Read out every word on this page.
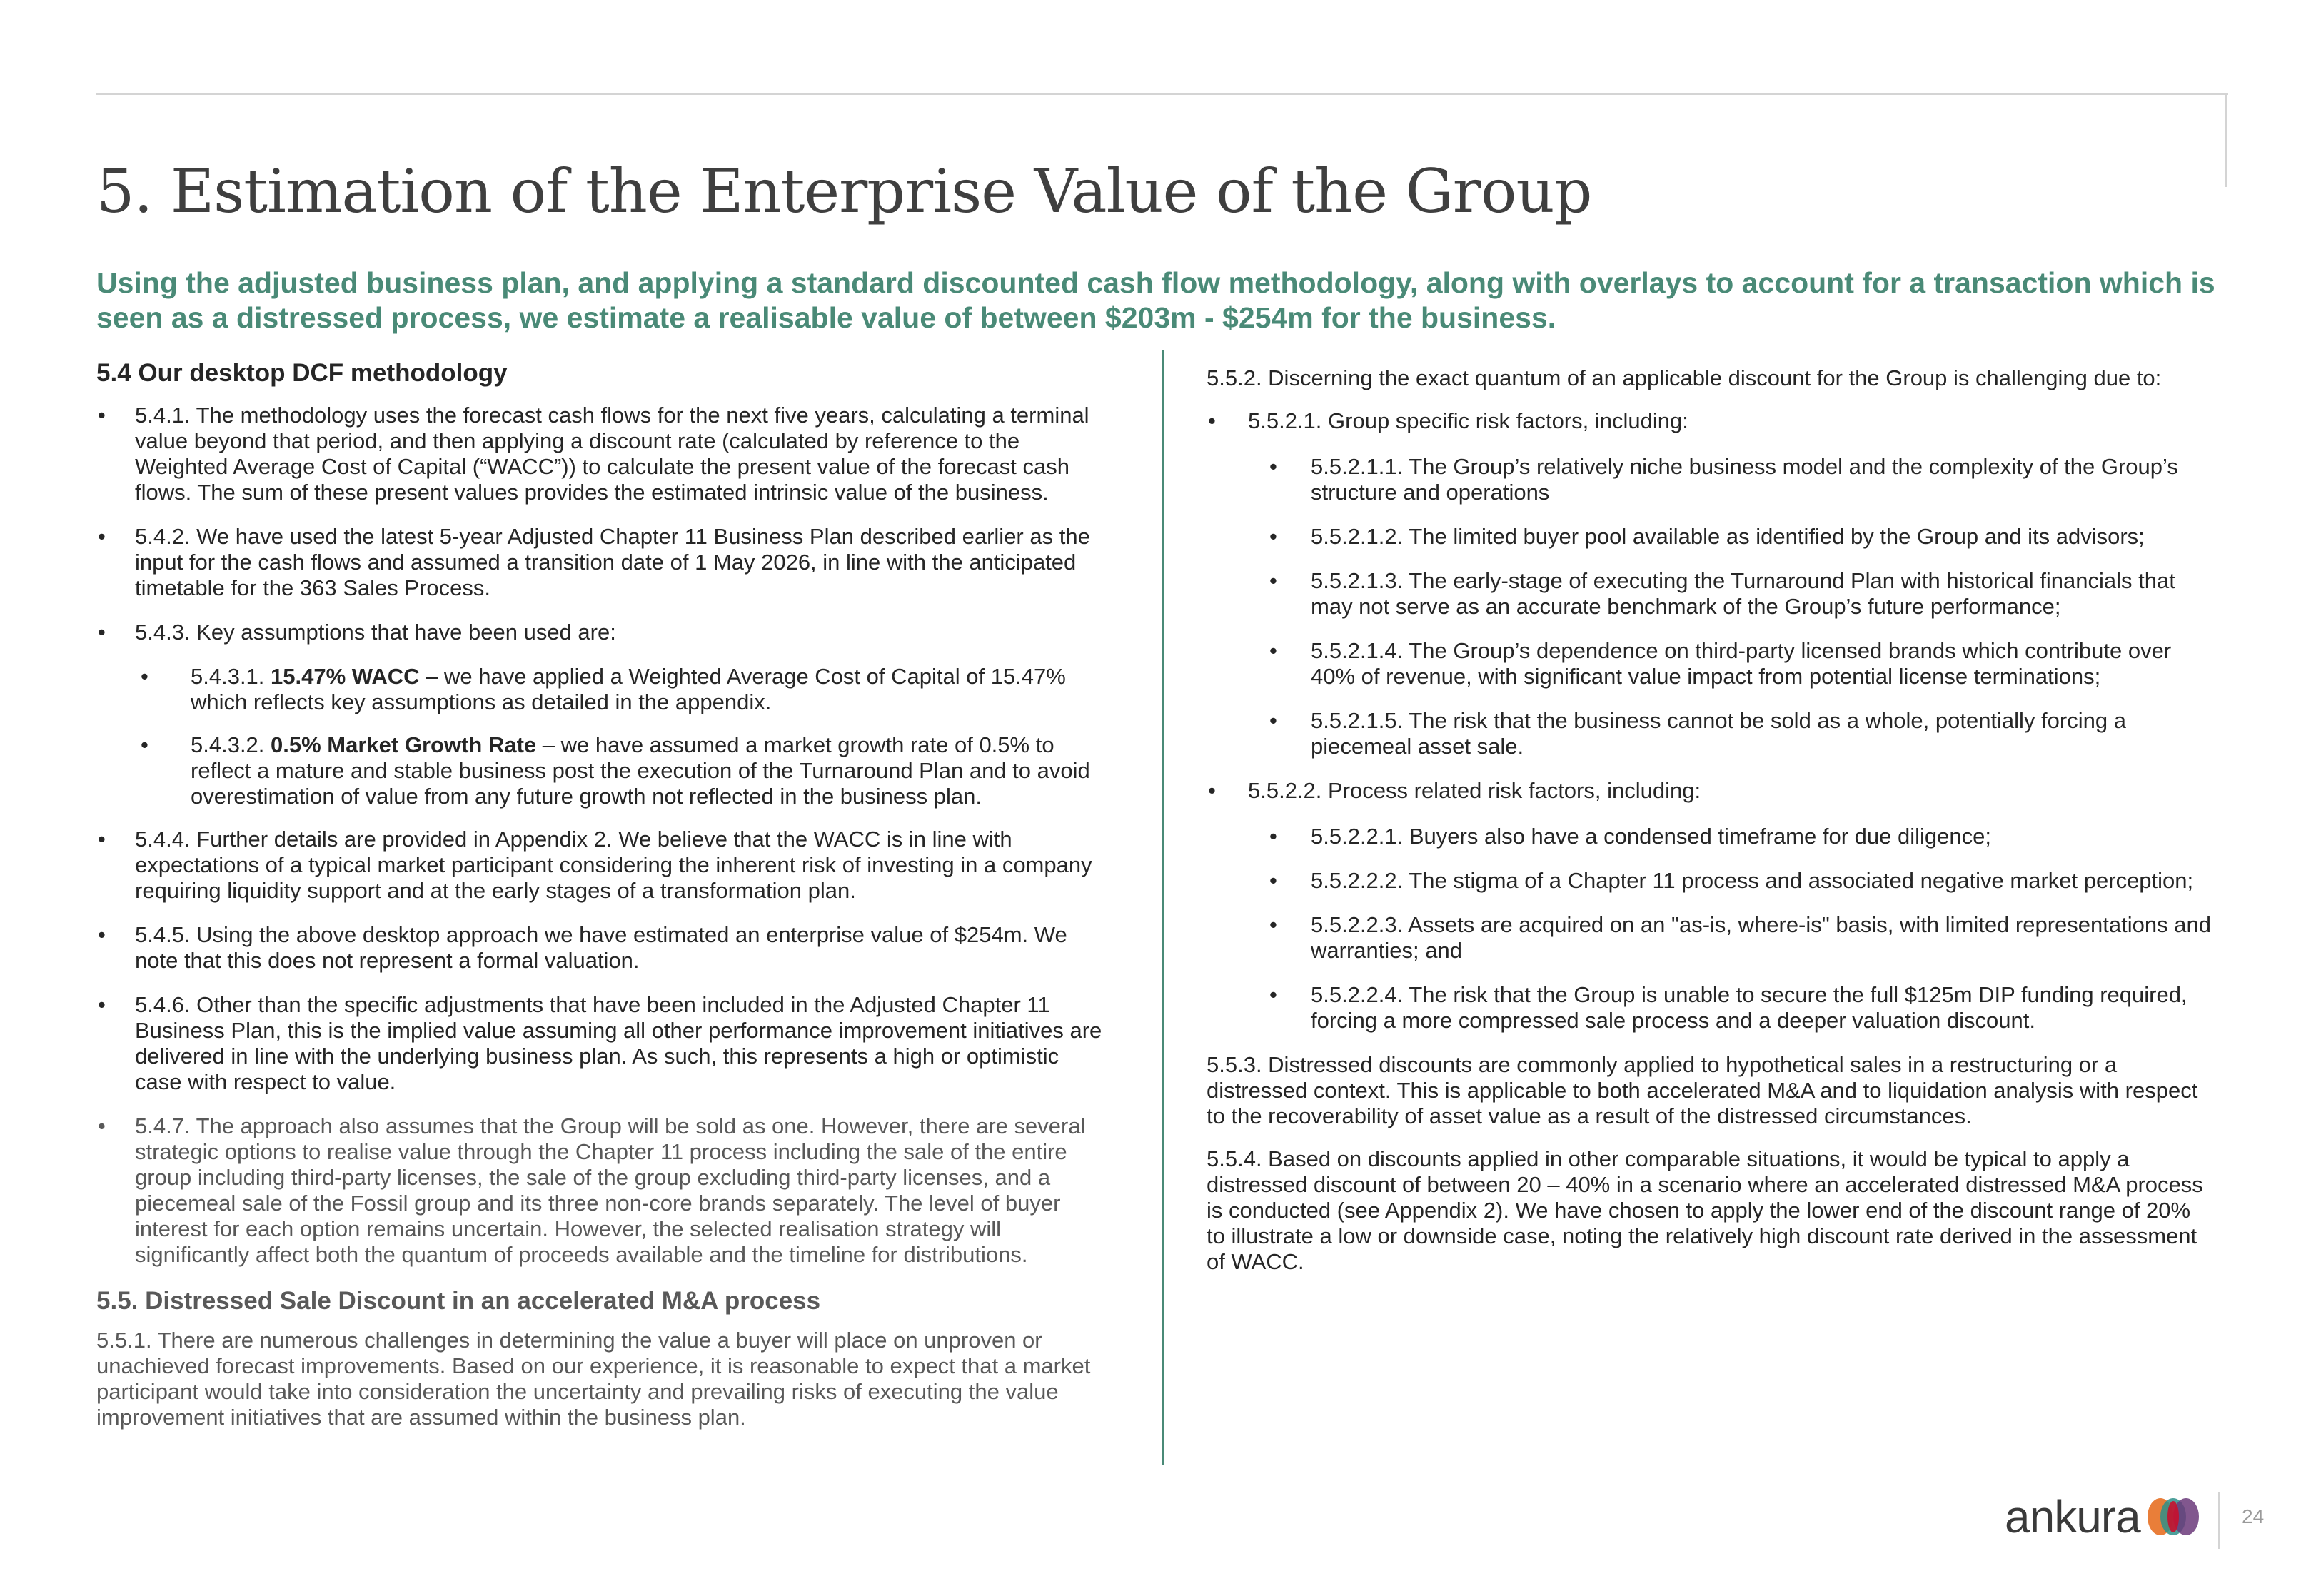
5. Estimation of the Enterprise Value of the Group

Using the adjusted business plan, and applying a standard discounted cash flow methodology, along with overlays to account for a transaction which is seen as a distressed process, we estimate a realisable value of between $203m - $254m for the business.

5.4 Our desktop DCF methodology
• 5.4.1. The methodology uses the forecast cash flows for the next five years, calculating a terminal value beyond that period, and then applying a discount rate (calculated by reference to the Weighted Average Cost of Capital (“WACC”)) to calculate the present value of the forecast cash flows. The sum of these present values provides the estimated intrinsic value of the business.
• 5.4.2. We have used the latest 5-year Adjusted Chapter 11 Business Plan described earlier as the input for the cash flows and assumed a transition date of 1 May 2026, in line with the anticipated timetable for the 363 Sales Process.
• 5.4.3. Key assumptions that have been used are:
• 5.4.3.1. 15.47% WACC – we have applied a Weighted Average Cost of Capital of 15.47% which reflects key assumptions as detailed in the appendix.
• 5.4.3.2. 0.5% Market Growth Rate – we have assumed a market growth rate of 0.5% to reflect a mature and stable business post the execution of the Turnaround Plan and to avoid overestimation of value from any future growth not reflected in the business plan.
• 5.4.4. Further details are provided in Appendix 2. We believe that the WACC is in line with expectations of a typical market participant considering the inherent risk of investing in a company requiring liquidity support and at the early stages of a transformation plan.
• 5.4.5. Using the above desktop approach we have estimated an enterprise value of $254m. We note that this does not represent a formal valuation.
• 5.4.6. Other than the specific adjustments that have been included in the Adjusted Chapter 11 Business Plan, this is the implied value assuming all other performance improvement initiatives are delivered in line with the underlying business plan. As such, this represents a high or optimistic case with respect to value.
• 5.4.7. The approach also assumes that the Group will be sold as one. However, there are several strategic options to realise value through the Chapter 11 process including the sale of the entire group including third-party licenses, the sale of the group excluding third-party licenses, and a piecemeal sale of the Fossil group and its three non-core brands separately. The level of buyer interest for each option remains uncertain. However, the selected realisation strategy will significantly affect both the quantum of proceeds available and the timeline for distributions.
5.5. Distressed Sale Discount in an accelerated M&A process

5.5.1. There are numerous challenges in determining the value a buyer will place on unproven or unachieved forecast improvements. Based on our experience, it is reasonable to expect that a market participant would take into consideration the uncertainty and prevailing risks of executing the value improvement initiatives that are assumed within the business plan.

5.5.2. Discerning the exact quantum of an applicable discount for the Group is challenging due to:

• 5.5.2.1. Group specific risk factors, including:
• 5.5.2.1.1. The Group’s relatively niche business model and the complexity of the Group’s structure and operations
• 5.5.2.1.2. The limited buyer pool available as identified by the Group and its advisors;
• 5.5.2.1.3. The early-stage of executing the Turnaround Plan with historical financials that may not serve as an accurate benchmark of the Group’s future performance;
• 5.5.2.1.4. The Group’s dependence on third-party licensed brands which contribute over 40% of revenue, with significant value impact from potential license terminations;
• 5.5.2.1.5. The risk that the business cannot be sold as a whole, potentially forcing a piecemeal asset sale.
• 5.5.2.2. Process related risk factors, including:
• 5.5.2.2.1. Buyers also have a condensed timeframe for due diligence;
• 5.5.2.2.2. The stigma of a Chapter 11 process and associated negative market perception;
• 5.5.2.2.3. Assets are acquired on an "as-is, where-is" basis, with limited representations and warranties; and
• 5.5.2.2.4. The risk that the Group is unable to secure the full $125m DIP funding required, forcing a more compressed sale process and a deeper valuation discount.

5.5.3. Distressed discounts are commonly applied to hypothetical sales in a restructuring or a distressed context. This is applicable to both accelerated M&A and to liquidation analysis with respect to the recoverability of asset value as a result of the distressed circumstances.

5.5.4. Based on discounts applied in other comparable situations, it would be typical to apply a distressed discount of between 20 – 40% in a scenario where an accelerated distressed M&A process is conducted (see Appendix 2). We have chosen to apply the lower end of the discount range of 20% to illustrate a low or downside case, noting the relatively high discount rate derived in the assessment of WACC.

ankura	24
